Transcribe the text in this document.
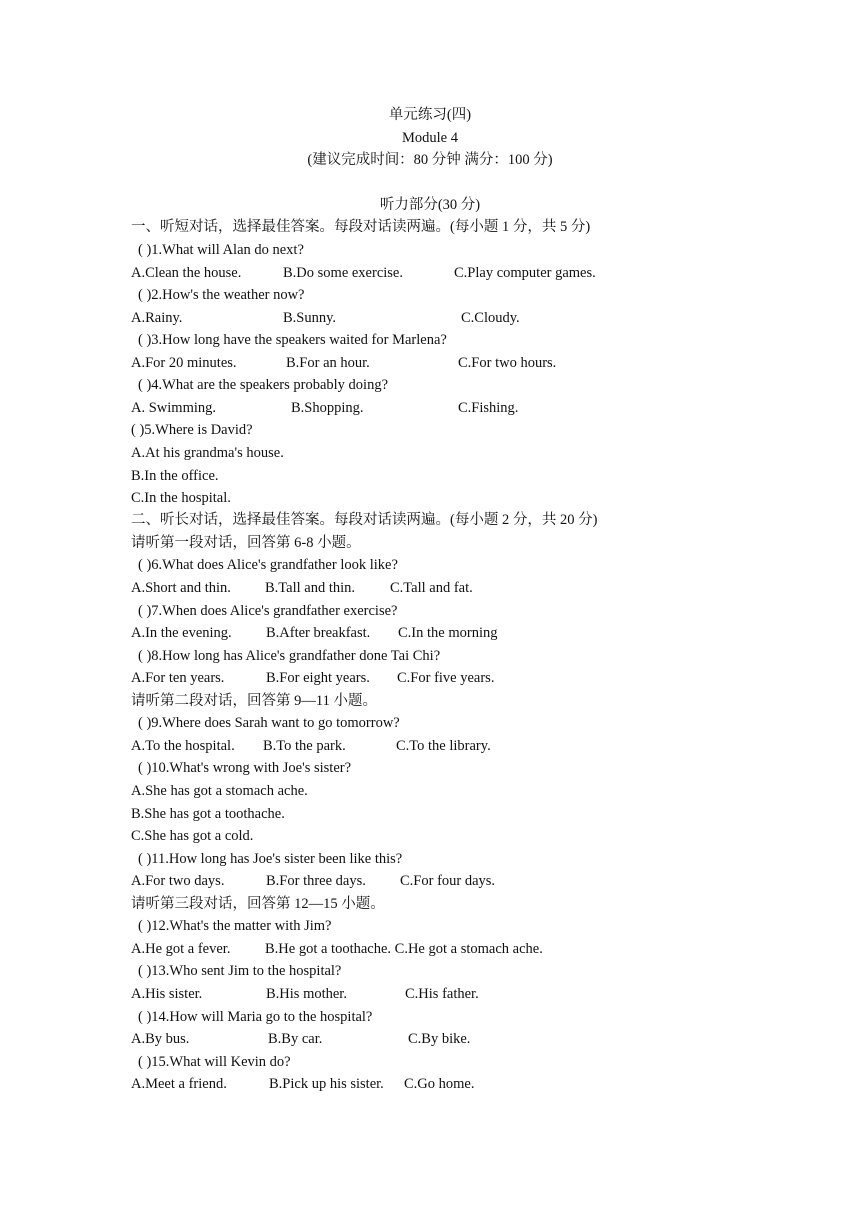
单元练习(四)
Module 4
(建议完成时间：80 分钟 满分：100 分)
听力部分(30 分)
一、听短对话，选择最佳答案。每段对话读两遍。(每小题 1 分，共 5 分)
( )1.What will Alan do next?
A.Clean the house.	B.Do some exercise.	C.Play computer games.
( )2.How's the weather now?
A.Rainy.	B.Sunny.	C.Cloudy.
( )3.How long have the speakers waited for Marlena?
A.For 20 minutes.	B.For an hour.	C.For two hours.
( )4.What are the speakers probably doing?
A. Swimming.	B.Shopping.	C.Fishing.
( )5.Where is David?
A.At his grandma's house.
B.In the office.
C.In the hospital.
二、听长对话，选择最佳答案。每段对话读两遍。(每小题 2 分，共 20 分)
请听第一段对话，回答第 6-8 小题。
( )6.What does Alice's grandfather look like?
A.Short and thin. B.Tall and thin. C.Tall and fat.
( )7.When does Alice's grandfather exercise?
A.In the evening. B.After breakfast. C.In the morning
( )8.How long has Alice's grandfather done Tai Chi?
A.For ten years.	B.For eight years. C.For five years.
请听第二段对话，回答第 9—11 小题。
( )9.Where does Sarah want to go tomorrow?
A.To the hospital. B.To the park.	C.To the library.
( )10.What's wrong with Joe's sister?
A.She has got a stomach ache.
B.She has got a toothache.
C.She has got a cold.
( )11.How long has Joe's sister been like this?
A.For two days.	B.For three days. C.For four days.
请听第三段对话，回答第 12—15 小题。
( )12.What's the matter with Jim?
A.He got a fever. B.He got a toothache. C.He got a stomach ache.
( )13.Who sent Jim to the hospital?
A.His sister.	B.His mother.	C.His father.
( )14.How will Maria go to the hospital?
A.By bus.	B.By car.	C.By bike.
( )15.What will Kevin do?
A.Meet a friend.	B.Pick up his sister. C.Go home.
